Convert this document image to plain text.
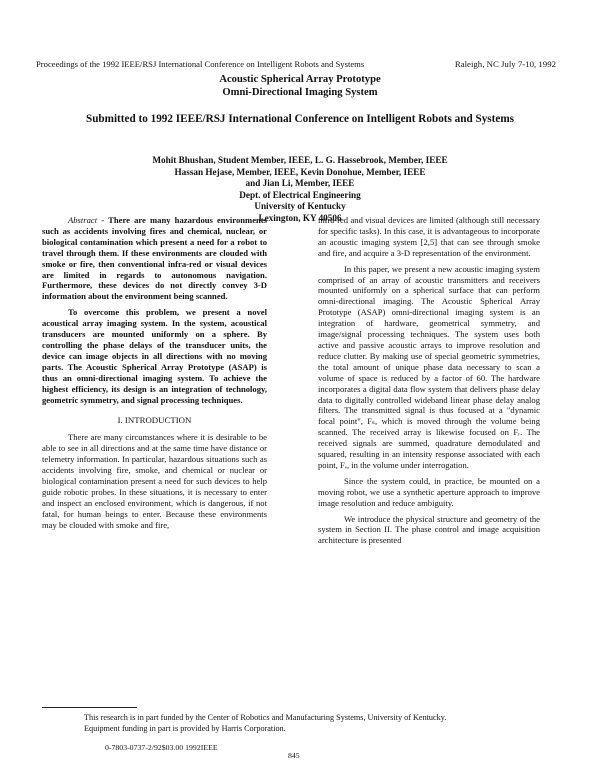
Proceedings of the 1992 IEEE/RSJ International Conference on Intelligent Robots and Systems	Raleigh, NC July 7-10, 1992
Acoustic Spherical Array Prototype
Omni-Directional Imaging System
Submitted to 1992 IEEE/RSJ International Conference on Intelligent Robots and Systems
Mohit Bhushan, Student Member, IEEE, L. G. Hassebrook, Member, IEEE
Hassan Hejase, Member, IEEE, Kevin Donohue, Member, IEEE
and Jian Li, Member, IEEE
Dept. of Electrical Engineering
University of Kentucky
Lexington, KY 40506

Abstract - There are many hazardous environments such as accidents involving fires and chemical, nuclear, or biological contamination which present a need for a robot to travel through them. If these environments are clouded with smoke or fire, then conventional infra-red or visual devices are limited in regards to autonomous navigation. Furthermore, these devices do not directly convey 3-D information about the environment being scanned.

To overcome this problem, we present a novel acoustical array imaging system. In the system, acoustical transducers are mounted uniformly on a sphere. By controlling the phase delays of the transducer units, the device can image objects in all directions with no moving parts. The Acoustic Spherical Array Prototype (ASAP) is thus an omni-directional imaging system. To achieve the highest efficiency, its design is an integration of technology, geometric symmetry, and signal processing techniques.

I. INTRODUCTION

There are many circumstances where it is desirable to be able to see in all directions and at the same time have distance or telemetry information. In particular, hazardous situations such as accidents involving fire, smoke, and chemical or nuclear or biological contamination present a need for such devices to help guide robotic probes. In these situations, it is necessary to enter and inspect an enclosed environment, which is dangerous, if not fatal, for human beings to enter. Because these environments may be clouded with smoke and fire,

infra-red and visual devices are limited (although still necessary for specific tasks). In this case, it is advantageous to incorporate an acoustic imaging system [2,5] that can see through smoke and fire, and acquire a 3-D representation of the environment.

In this paper, we present a new acoustic imaging system comprised of an array of acoustic transmitters and receivers mounted uniformly on a spherical surface that can perform omni-directional imaging. The Acoustic Spherical Array Prototype (ASAP) omni-directional imaging system is an integration of hardware, geometrical symmetry, and image/signal processing techniques. The system uses both active and passive acoustic arrays to improve resolution and reduce clutter. By making use of special geometric symmetries, the total amount of unique phase data necessary to scan a volume of space is reduced by a factor of 60. The hardware incorporates a digital data flow system that delivers phase delay data to digitally controlled wideband linear phase delay analog filters. The transmitted signal is thus focused at a "dynamic focal point", Fₛ, which is moved through the volume being scanned. The received array is likewise focused on Fᵣ. The received signals are summed, quadrature demodulated and squared, resulting in an intensity response associated with each point, Fₑ, in the volume under interrogation.

Since the system could, in practice, be mounted on a moving robot, we use a synthetic aperture approach to improve image resolution and reduce ambiguity.

We introduce the physical structure and geometry of the system in Section II. The phase control and image acquisition architecture is presented

This research is in part funded by the Center of Robotics and Manufacturing Systems, University of Kentucky.
Equipment funding in part is provided by Harris Corporation.
0-7803-0737-2/92$03.00 1992IEEE
845
